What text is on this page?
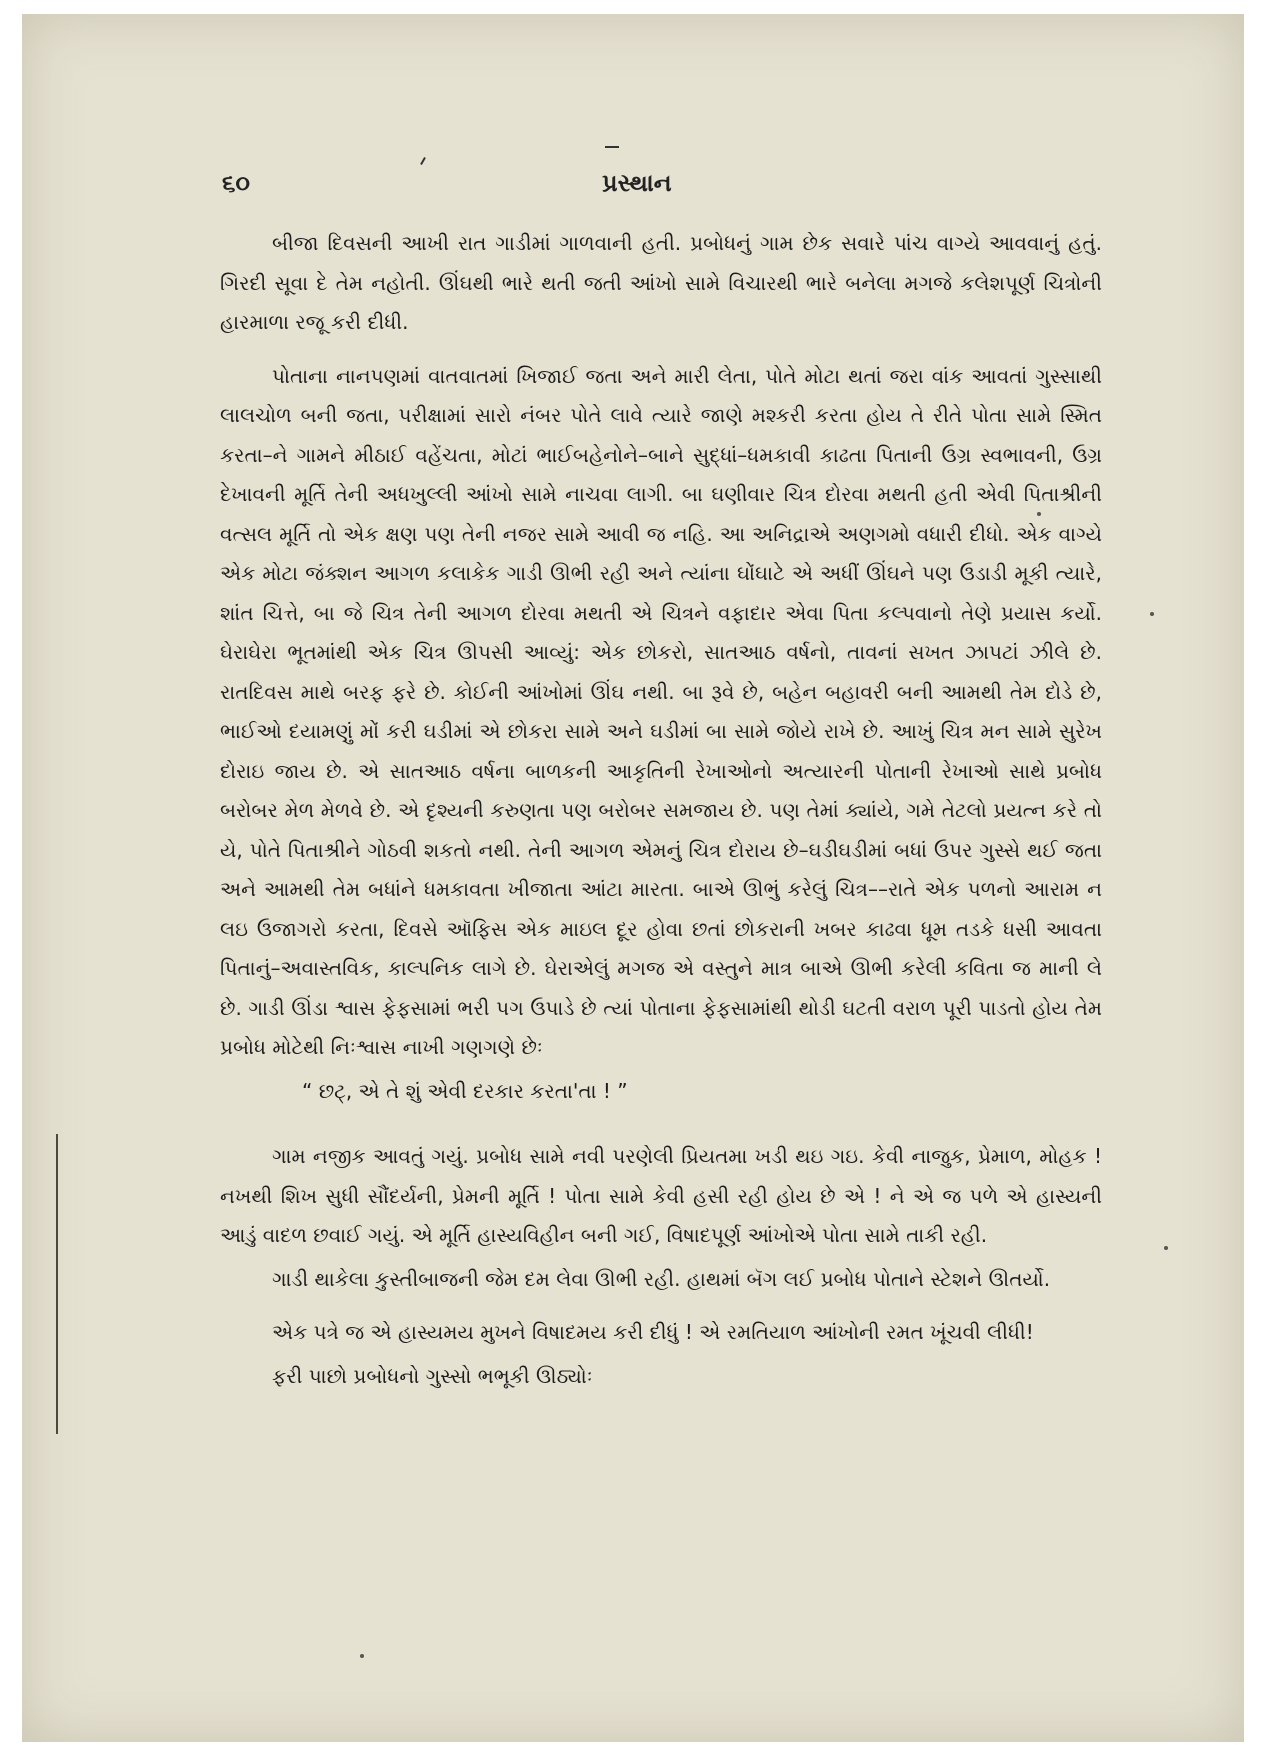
૬૦	પ્રસ્થાન

બીજા દિવસની આખી રાત ગાડીમાં ગાળવાની હતી. પ્રબોધનું ગામ છેક સવારે પાંચ વાગ્યે આવવાનું હતું. ગિરદી સૂવા દે તેમ નહોતી. ઊંઘથી ભારે થતી જતી આંખો સામે વિચારથી ભારે બનેલા મગજે કલેશપૂર્ણ ચિત્રોની હારમાળા રજૂ કરી દીધી.

પોતાના નાનપણમાં વાતવાતમાં ખિજાઈ જતા અને મારી લેતા, પોતે મોટા થતાં જરા વાંક આવતાં ગુસ્સાથી લાલચોળ બની જતા, પરીક્ષામાં સારો નંબર પોતે લાવે ત્યારે જાણે મશ્કરી કરતા હોય તે રીતે પોતા સામે સ્મિત કરતા–ને ગામને મીઠાઈ વહેંચતા, મોટાં ભાઈબહેનોને–બાને સુદ્ધાં–ધમકાવી કાઢતા પિતાની ઉગ્ર સ્વભાવની, ઉગ્ર દેખાવની મૂર્તિ તેની અધખુલ્લી આંખો સામે નાચવા લાગી. બા ઘણીવાર ચિત્ર દોરવા મથતી હતી એવી પિતાશ્રીની વત્સલ મૂર્તિ તો એક ક્ષણ પણ તેની નજર સામે આવી જ નહિ. આ અનિદ્રાએ અણગમો વધારી દીધો. એક વાગ્યે એક મોટા જંક્શન આગળ કલાકેક ગાડી ઊભી રહી અને ત્યાંના ઘોંઘાટે એ અધીં ઊંઘને પણ ઉડાડી મૂકી ત્યારે, શાંત ચિત્તે, બા જે ચિત્ર તેની આગળ દોરવા મથતી એ ચિત્રને વફાદાર એવા પિતા કલ્પવાનો તેણે પ્રયાસ કર્યો. ઘેરાઘેરા ભૂતમાંથી એક ચિત્ર ઊપસી આવ્યું: એક છોકરો, સાતઆઠ વર્ષનો, તાવનાં સખત ઝાપટાં ઝીલે છે. રાતદિવસ માથે બરફ ફરે છે. કોઈની આંખોમાં ઊંઘ નથી. બા રૂવે છે, બહેન બહાવરી બની આમથી તેમ દોડે છે, ભાઈઓ દયામણું મોં કરી ઘડીમાં એ છોકરા સામે અને ઘડીમાં બા સામે જોયે રાખે છે. આખું ચિત્ર મન સામે સુરેખ દોરાઇ જાય છે. એ સાતઆઠ વર્ષના બાળકની આકૃતિની રેખાઓનો અત્યારની પોતાની રેખાઓ સાથે પ્રબોધ બરોબર મેળ મેળવે છે. એ દૃશ્યની કરુણતા પણ બરોબર સમજાય છે. પણ તેમાં ક્યાંયે, ગમે તેટલો પ્રયત્ન કરે તો યે, પોતે પિતાશ્રીને ગોઠવી શકતો નથી. તેની આગળ એમનું ચિત્ર દોરાય છે–ઘડીઘડીમાં બધાં ઉપર ગુસ્સે થઈ જતા અને આમથી તેમ બધાંને ધમકાવતા ખીજાતા આંટા મારતા. બાએ ઊભું કરેલું ચિત્ર––રાતે એક પળનો આરામ ન લઇ ઉજાગરો કરતા, દિવસે ઑફિસ એક માઇલ દૂર હોવા છતાં છોકરાની ખબર કાઢવા ધૂમ તડકે ધસી આવતા પિતાનું–અવાસ્તવિક, કાલ્પનિક લાગે છે. ઘેરાએલું મગજ એ વસ્તુને માત્ર બાએ ઊભી કરેલી કવિતા જ માની લે છે. ગાડી ઊંડા શ્વાસ ફેફસામાં ભરી પગ ઉપાડે છે ત્યાં પોતાના ફેફસામાંથી થોડી ઘટતી વરાળ પૂરી પાડતો હોય તેમ પ્રબોધ મોટેથી નિઃશ્વાસ નાખી ગણગણે છેઃ

“ છટ્, એ તે શું એવી દરકાર કરતા'તા ! ”

ગામ નજીક આવતું ગયું. પ્રબોધ સામે નવી પરણેલી પ્રિયતમા ખડી થઇ ગઇ. કેવી નાજુક, પ્રેમાળ, મોહક ! નખથી શિખ સુધી સૌંદર્યની, પ્રેમની મૂર્તિ ! પોતા સામે કેવી હસી રહી હોય છે એ ! ને એ જ પળે એ હાસ્યની આડું વાદળ છવાઈ ગયું. એ મૂર્તિ હાસ્યવિહીન બની ગઈ, વિષાદપૂર્ણ આંખોએ પોતા સામે તાકી રહી.

ગાડી થાકેલા કુસ્તીબાજની જેમ દમ લેવા ઊભી રહી. હાથમાં બૅગ લઈ પ્રબોધ પોતાને સ્ટેશને ઊતર્યો.

એક પત્રે જ એ હાસ્યમય મુખને વિષાદમય કરી દીધું ! એ રમતિયાળ આંખોની રમત ખૂંચવી લીધી!

ફરી પાછો પ્રબોધનો ગુસ્સો ભભૂકી ઊઠ્યોઃ
